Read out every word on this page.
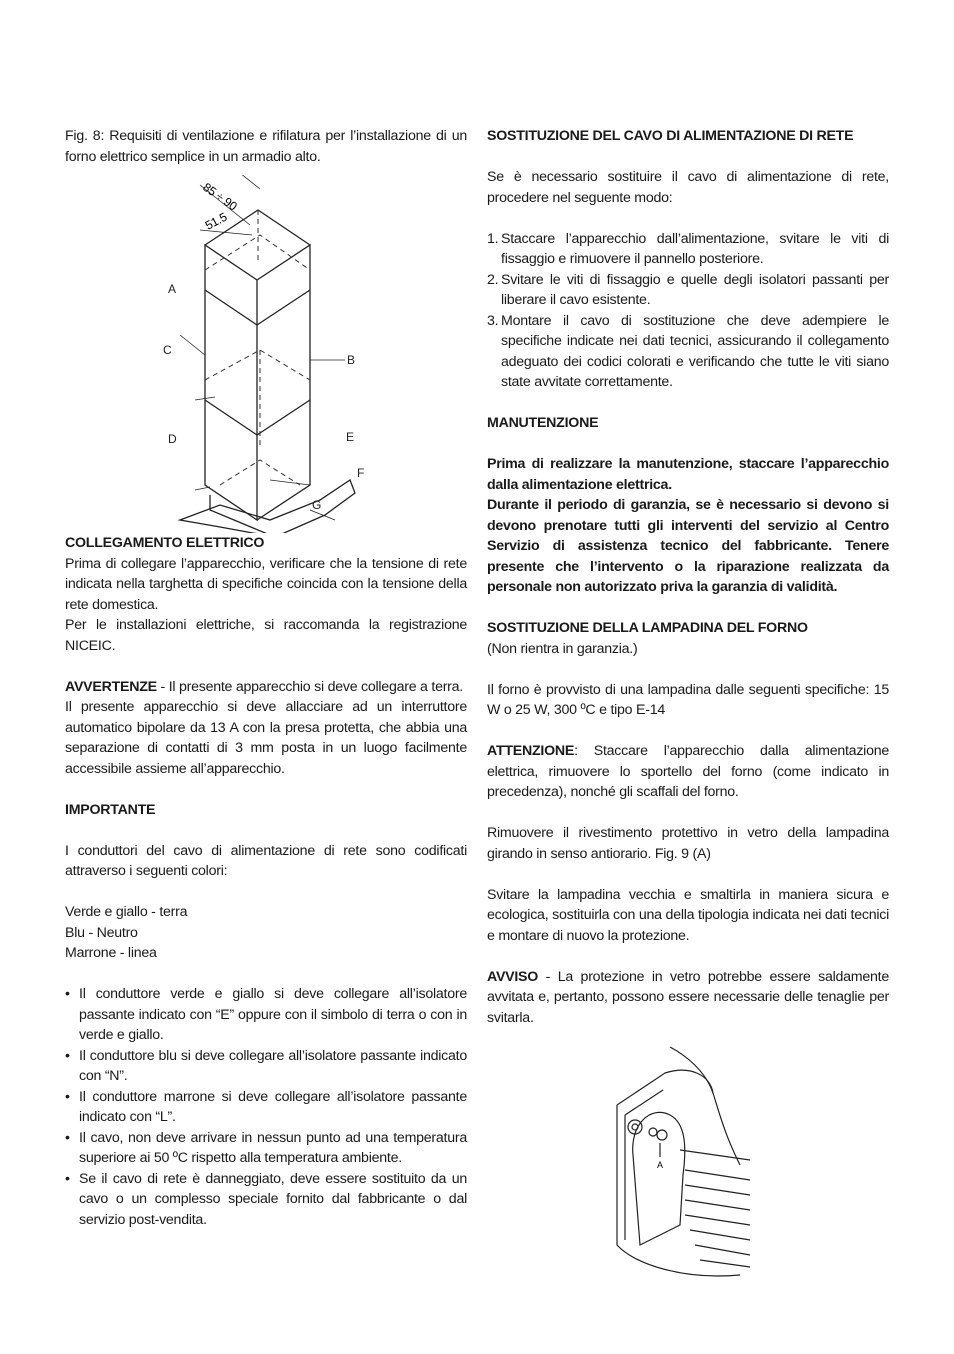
Fig. 8: Requisiti di ventilazione e rifilatura per l’installazione di un forno elettrico semplice in un armadio alto.

85 ÷ 90
51.5
A
B
C
D	E
F
G

COLLEGAMENTO ELETTRICO

Prima di collegare l’apparecchio, verificare che la tensione di rete indicata nella targhetta di specifiche coincida con la tensione della rete domestica.

Per le installazioni elettriche, si raccomanda la registrazione NICEIC.

AVVERTENZE - Il presente apparecchio si deve collegare a terra.

Il presente apparecchio si deve allacciare ad un interruttore automatico bipolare da 13 A con la presa protetta, che abbia una separazione di contatti di 3 mm posta in un luogo facilmente accessibile assieme all’apparecchio.

IMPORTANTE

I conduttori del cavo di alimentazione di rete sono codificati attraverso i seguenti colori:

Verde e giallo - terra

Blu - Neutro

Marrone - linea

• Il conduttore verde e giallo si deve collegare all’isolatore passante indicato con “E” oppure con il simbolo di terra o con in verde e giallo.
• Il conduttore blu si deve collegare all’isolatore passante indicato con “N”.
• Il conduttore marrone si deve collegare all’isolatore passante indicato con “L”.
• Il cavo, non deve arrivare in nessun punto ad una temperatura superiore ai 50 ºC rispetto alla temperatura ambiente.
• Se il cavo di rete è danneggiato, deve essere sostituito da un cavo o un complesso speciale fornito dal fabbricante o dal servizio post-vendita.

SOSTITUZIONE DEL CAVO DI ALIMENTAZIONE DI RETE

Se è necessario sostituire il cavo di alimentazione di rete, procedere nel seguente modo:

1. Staccare l’apparecchio dall’alimentazione, svitare le viti di fissaggio e rimuovere il pannello posteriore.
2. Svitare le viti di fissaggio e quelle degli isolatori passanti per liberare il cavo esistente.
3. Montare il cavo di sostituzione che deve adempiere le specifiche indicate nei dati tecnici, assicurando il collegamento adeguato dei codici colorati e verificando che tutte le viti siano state avvitate correttamente.

MANUTENZIONE

Prima di realizzare la manutenzione, staccare l’apparecchio dalla alimentazione elettrica.

Durante il periodo di garanzia, se è necessario si devono si devono prenotare tutti gli interventi del servizio al Centro Servizio di assistenza tecnico del fabbricante. Tenere presente che l’intervento o la riparazione realizzata da personale non autorizzato priva la garanzia di validità.

SOSTITUZIONE DELLA LAMPADINA DEL FORNO

(Non rientra in garanzia.)

Il forno è provvisto di una lampadina dalle seguenti specifiche: 15 W o 25 W, 300 ºC e tipo E-14

ATTENZIONE: Staccare l’apparecchio dalla alimentazione elettrica, rimuovere lo sportello del forno (come indicato in precedenza), nonché gli scaffali del forno.

Rimuovere il rivestimento protettivo in vetro della lampadina girando in senso antiorario. Fig. 9 (A)

Svitare la lampadina vecchia e smaltirla in maniera sicura e ecologica, sostituirla con una della tipologia indicata nei dati tecnici e montare di nuovo la protezione.

AVVISO - La protezione in vetro potrebbe essere saldamente avvitata e, pertanto, possono essere necessarie delle tenaglie per svitarla.

A
